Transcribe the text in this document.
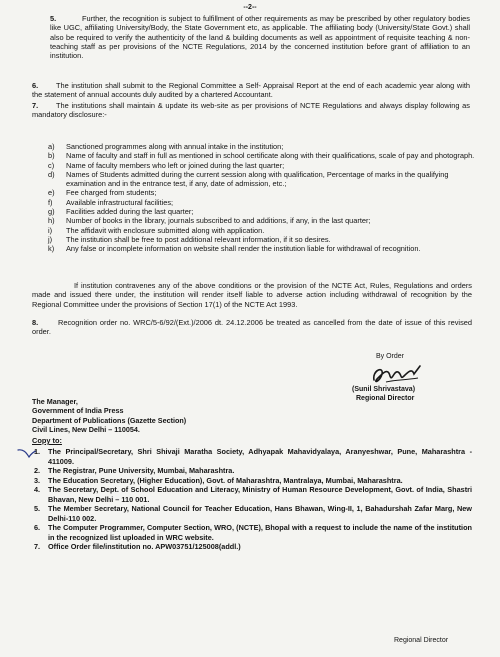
--2--
5.	Further, the recognition is subject to fulfillment of other requirements as may be prescribed by other regulatory bodies like UGC, affiliating University/Body, the State Government etc, as applicable. The affiliating body (University/State Govt.) shall also be required to verify the authenticity of the land & building documents as well as appointment of requisite teaching & non-teaching staff as per provisions of the NCTE Regulations, 2014 by the concerned institution before grant of affiliation to an institution.
6.	The institution shall submit to the Regional Committee a Self- Appraisal Report at the end of each academic year along with the statement of annual accounts duly audited by a chartered Accountant.
7.	The institutions shall maintain & update its web-site as per provisions of NCTE Regulations and always display following as mandatory disclosure:-
a) Sanctioned programmes along with annual intake in the institution;
b) Name of faculty and staff in full as mentioned in school certificate along with their qualifications, scale of pay and photograph.
c) Name of faculty members who left or joined during the last quarter;
d) Names of Students admitted during the current session along with qualification, Percentage of marks in the qualifying examination and in the entrance test, if any, date of admission, etc.;
e) Fee charged from students;
f) Available infrastructural facilities;
g) Facilities added during the last quarter;
h) Number of books in the library, journals subscribed to and additions, if any, in the last quarter;
i) The affidavit with enclosure submitted along with application.
j) The institution shall be free to post additional relevant information, if it so desires.
k) Any false or incomplete information on website shall render the institution liable for withdrawal of recognition.
If institution contravenes any of the above conditions or the provision of the NCTE Act, Rules, Regulations and orders made and issued there under, the institution will render itself liable to adverse action including withdrawal of recognition by the Regional Committee under the provisions of Section 17(1) of the NCTE Act 1993.
8.	Recognition order no. WRC/5-6/92/(Ext.)/2006 dt. 24.12.2006 be treated as cancelled from the date of issue of this revised order.
By Order
(Sunil Shrivastava)
Regional Director
The Manager,
Government of India Press
Department of Publications (Gazette Section)
Civil Lines, New Delhi – 110054.
Copy to:
1. The Principal/Secretary, Shri Shivaji Maratha Society, Adhyapak Mahavidyalaya, Aranyeshwar, Pune, Maharashtra - 411009.
2. The Registrar, Pune University, Mumbai, Maharashtra.
3. The Education Secretary, (Higher Education), Govt. of Maharashtra, Mantralaya, Mumbai, Maharashtra.
4. The Secretary, Dept. of School Education and Literacy, Ministry of Human Resource Development, Govt. of India, Shastri Bhavan, New Delhi – 110 001.
5. The Member Secretary, National Council for Teacher Education, Hans Bhawan, Wing-II, 1, Bahadurshah Zafar Marg, New Delhi-110 002.
6. The Computer Programmer, Computer Section, WRO, (NCTE), Bhopal with a request to include the name of the institution in the recognized list uploaded in WRC website.
7. Office Order file/institution no. APW03751/125008(addl.)
Regional Director
